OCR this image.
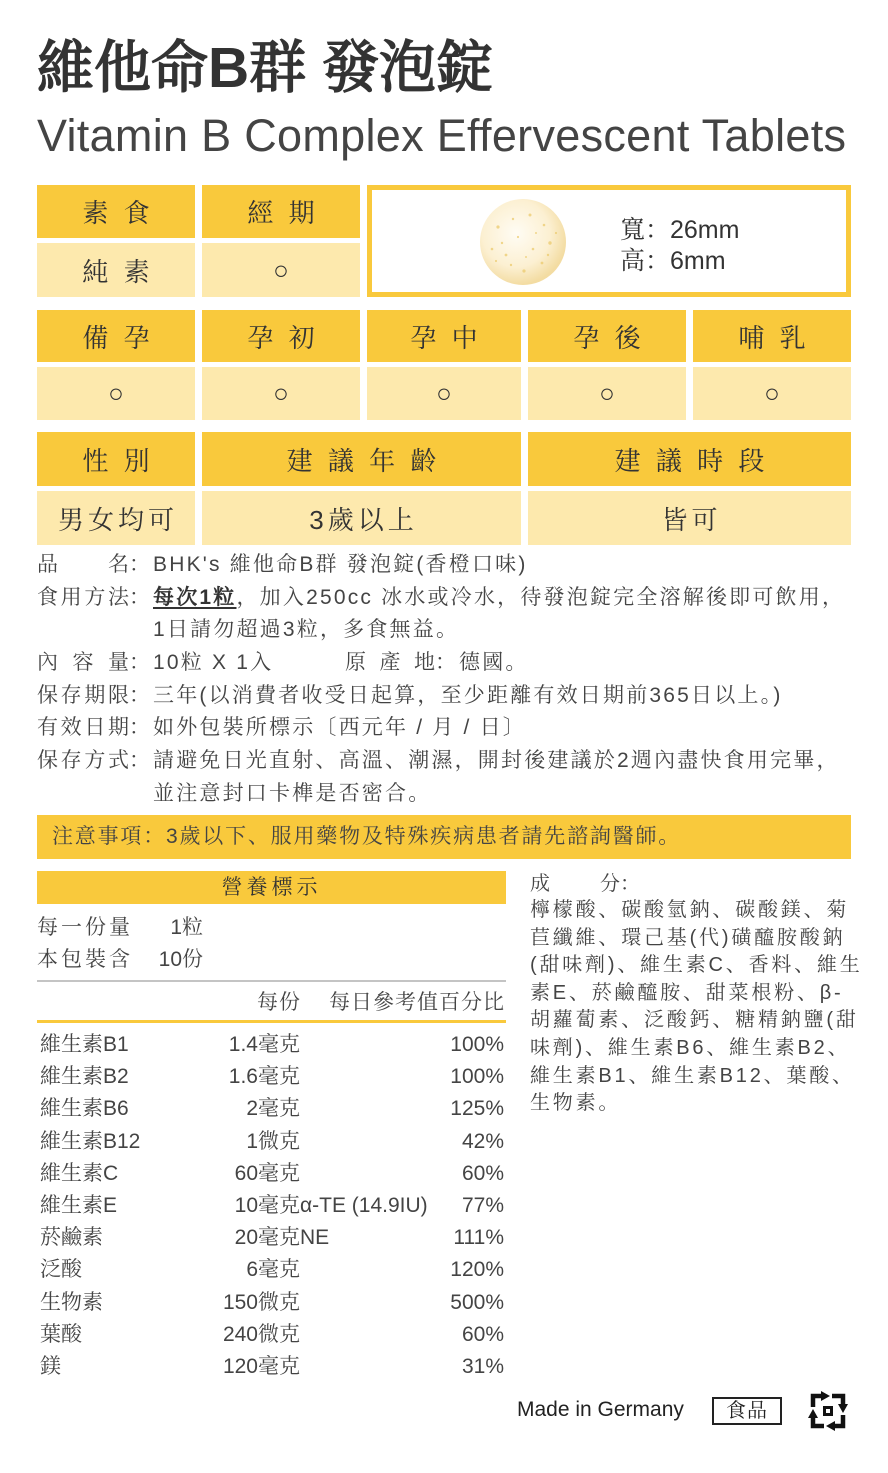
維他命B群 發泡錠
Vitamin B Complex Effervescent Tablets
素 食	經 期
純 素	○
寬：26mm
高：6mm
備 孕	孕 初	孕 中	孕 後	哺 乳
○	○	○	○	○
性 別	建 議 年 齡	建 議 時 段
男女均可	3歲以上	皆可
品　　名： BHK's 維他命B群 發泡錠(香橙口味)
食用方法： 每次1粒，加入250cc 冰水或冷水，待發泡錠完全溶解後即可飲用，
1日請勿超過3粒，多食無益。
內 容 量： 10粒 X 1入	原 產 地： 德國。
保存期限： 三年(以消費者收受日起算，至少距離有效日期前365日以上。)
有效日期： 如外包裝所標示〔西元年 / 月 / 日〕
保存方式： 請避免日光直射、高溫、潮濕，開封後建議於2週內盡快食用完畢，
並注意封口卡榫是否密合。
注意事項：3歲以下、服用藥物及特殊疾病患者請先諮詢醫師。
營養標示
每一份量 1粒
本包裝含 10份
每份 每日參考值百分比
維生素B1	1.4 毫克	100%
維生素B2	1.6 毫克	100%
維生素B6	2 毫克	125%
維生素B12	1 微克	42%
維生素C	60 毫克	60%
維生素E	10 毫克α-TE (14.9IU) 77%
菸鹼素	20 毫克NE	111%
泛酸	6 毫克	120%
生物素	150 微克	500%
葉酸	240 微克	60%
鎂	120 毫克	31%
成　　分：
檸檬酸、碳酸氫鈉、碳酸鎂、菊
苣纖維、環己基(代)磺醯胺酸鈉
(甜味劑)、維生素C、香料、維生
素E、菸鹼醯胺、甜菜根粉、β-
胡蘿蔔素、泛酸鈣、糖精鈉鹽(甜
味劑)、維生素B6、維生素B2、
維生素B1、維生素B12、葉酸、
生物素。
Made in Germany	食品
